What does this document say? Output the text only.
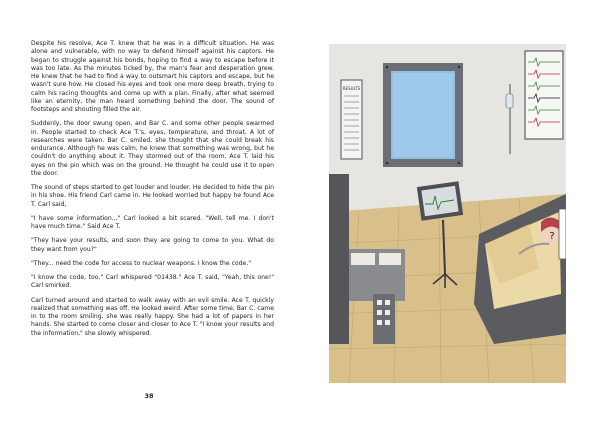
Despite his resolve, Ace T. knew that he was in a difficult situation. He was alone and vulnerable, with no way to defend himself against his captors. He began to struggle against his bonds, hoping to find a way to escape before it was too late. As the minutes ticked by, the man's fear and desperation grew. He knew that he had to find a way to outsmart his captors and escape, but he wasn't sure how. He closed his eyes and took one more deep breath, trying to calm his racing thoughts and come up with a plan. Finally, after what seemed like an eternity, the man heard something behind the door. The sound of footsteps and shouting filled the air.

Suddenly, the door swung open, and Bar C. and some other people swarmed in. People started to check Ace T.'s, eyes, temperature, and throat. A lot of researches were taken. Bar C. smiled, she thought that she could break his endurance. Although he was calm, he knew that something was wrong, but he couldn't do anything about it. They stormed out of the room. Ace T. laid his eyes on the pin which was on the ground. He thought he could use it to open the door.

The sound of steps started to get louder and louder. He decided to hide the pin in his shoe. His friend Carl came in. He looked worried but happy he found Ace T. Carl said,

"I have some information..." Carl looked a bit scared. "Well, tell me. I don't have much time." Said Ace T.

"They have your results, and soon they are going to come to you. What do they want from you?"

"They... need the code for access to nuclear weapons. I know the code."

"I know the code, too." Carl whispered "01438." Ace T. said, "Yeah, this one!" Carl smirked.

Carl turned around and started to walk away with an evil smile. Ace T. quickly realized that something was off. He looked weird. After some time, Bar C. came in to the room smiling, she was really happy. She had a lot of papers in her hands. She started to come closer and closer to Ace T. "I know your results and the information," she slowly whispered.

38
RESULTS
?
